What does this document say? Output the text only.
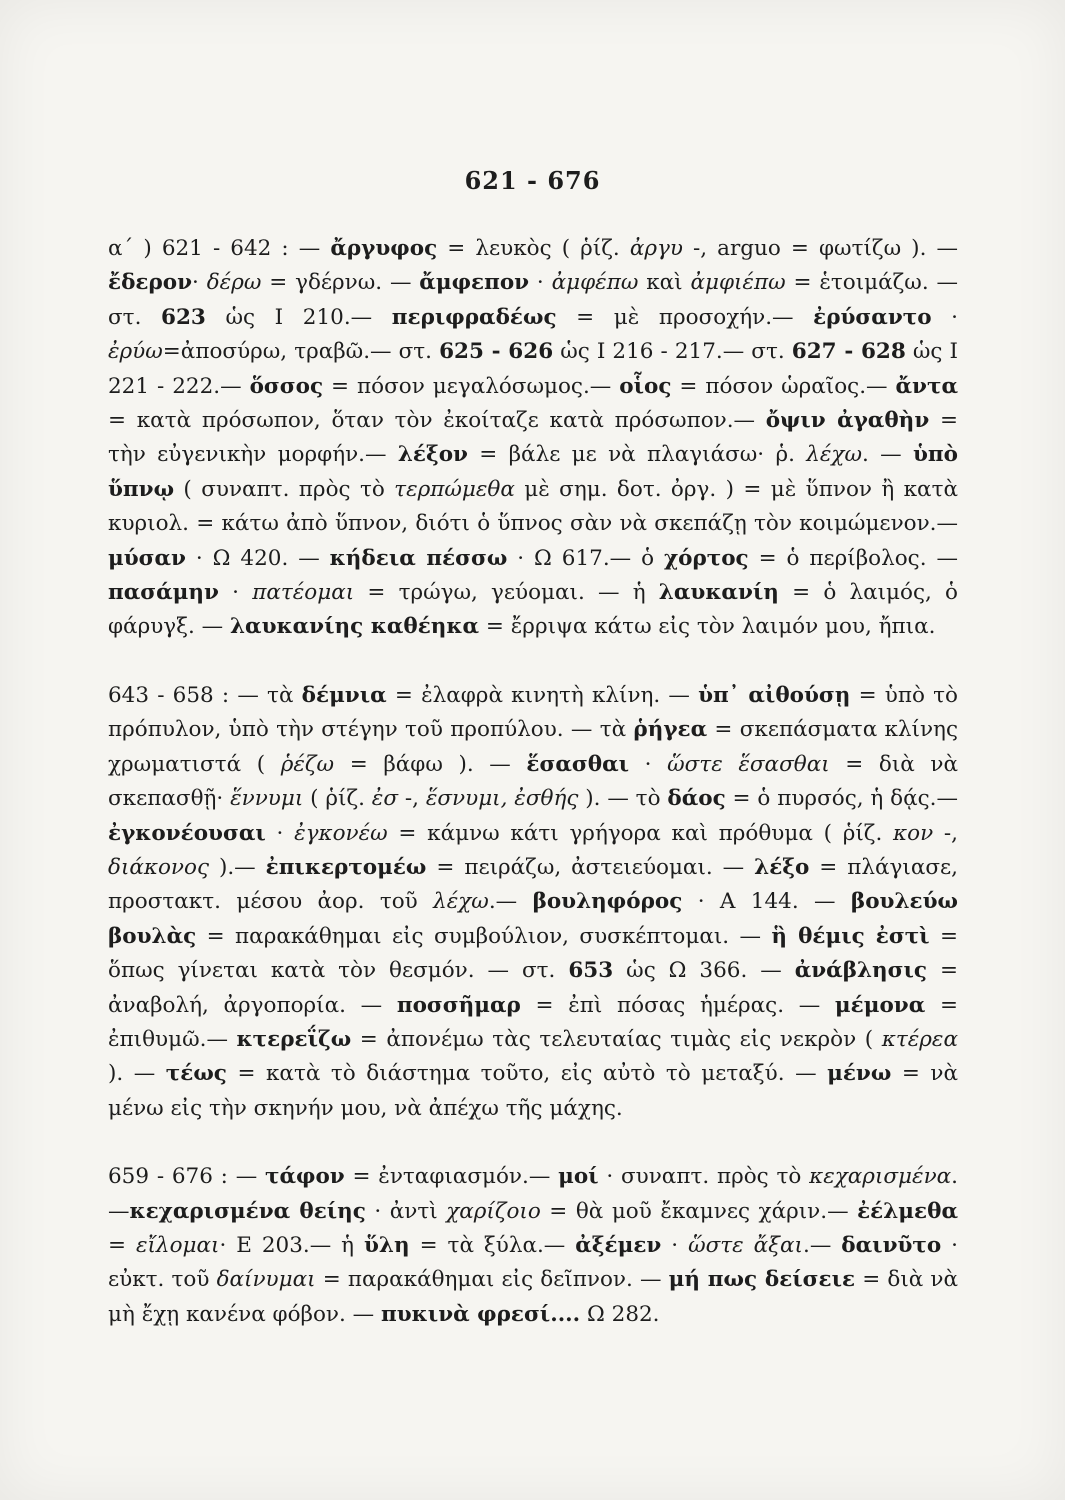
621 - 676

α΄ ) 621 - 642 : — ἄργυφος = λευκὸς ( ῥίζ. ἀργυ -, arguo = φωτίζω ). — ἔδερον· δέρω = γδέρνω. — ἄμφεπον · ἀμφέπω καὶ ἀμφιέπω = ἑτοιμάζω. — στ. 623 ὡς Ι 210.— περιφραδέως = μὲ προσοχήν.— ἐρύσαντο · ἐρύω=ἀποσύρω, τραβῶ.— στ. 625 - 626 ὡς Ι 216 - 217.— στ. 627 - 628 ὡς Ι 221 - 222.— ὅσσος = πόσον μεγαλόσωμος.— οἷος = πόσον ὡραῖος.— ἄντα = κατὰ πρόσωπον, ὅταν τὸν ἐκοίταζε κατὰ πρόσωπον.— ὄψιν ἀγαθὴν = τὴν εὐγενικὴν μορφήν.— λέξον = βάλε με νὰ πλαγιάσω· ῥ. λέχω. — ὑπὸ ὕπνῳ ( συναπτ. πρὸς τὸ τερπώμεθα μὲ σημ. δοτ. ὀργ. ) = μὲ ὕπνον ἢ κατὰ κυριολ. = κάτω ἀπὸ ὕπνον, διότι ὁ ὕπνος σὰν νὰ σκεπάζῃ τὸν κοιμώμενον.—μύσαν · Ω 420. — κήδεια πέσσω · Ω 617.— ὁ χόρτος = ὁ περίβολος. — πασάμην · πατέομαι = τρώγω, γεύομαι. — ἡ λαυκανίη = ὁ λαιμός, ὁ φάρυγξ. — λαυκανίης καθέηκα = ἔρριψα κάτω εἰς τὸν λαιμόν μου, ἤπια.

643 - 658 : — τὰ δέμνια = ἐλαφρὰ κινητὴ κλίνη. — ὑπ᾽ αἰθούσῃ = ὑπὸ τὸ πρόπυλον, ὑπὸ τὴν στέγην τοῦ προπύλου. — τὰ ῥήγεα = σκεπάσματα κλίνης χρωματιστά ( ῥέζω = βάφω ). — ἕσασθαι · ὥστε ἕσασθαι = διὰ νὰ σκεπασθῇ· ἕννυμι ( ῥίζ. ἐσ -, ἕσνυμι, ἐσθής ). — τὸ δάος = ὁ πυρσός, ἡ δᾴς.— ἐγκονέουσαι · ἐγκονέω = κάμνω κάτι γρήγορα καὶ πρόθυμα ( ῥίζ. κον -, διάκονος ).— ἐπικερτομέω = πειράζω, ἀστειεύομαι. — λέξο = πλάγιασε, προστακτ. μέσου ἀορ. τοῦ λέχω.— βουληφόρος · Α 144. — βουλεύω βουλὰς = παρακάθημαι εἰς συμβούλιον, συσκέπτομαι. — ἣ θέμις ἐστὶ = ὅπως γίνεται κατὰ τὸν θεσμόν. — στ. 653 ὡς Ω 366. — ἀνάβλησις = ἀναβολή, ἀργοπορία. — ποσσῆμαρ = ἐπὶ πόσας ἡμέρας. — μέμονα = ἐπιθυμῶ.— κτερεΐζω = ἀπονέμω τὰς τελευταίας τιμὰς εἰς νεκρὸν ( κτέρεα ). — τέως = κατὰ τὸ διάστημα τοῦτο, εἰς αὐτὸ τὸ μεταξύ. — μένω = νὰ μένω εἰς τὴν σκηνήν μου, νὰ ἀπέχω τῆς μάχης.

659 - 676 : — τάφον = ἐνταφιασμόν.— μοί · συναπτ. πρὸς τὸ κεχαρισμένα.—κεχαρισμένα θείης · ἀντὶ χαρίζοιο = θὰ μοῦ ἔκαμνες χάριν.— ἐέλμεθα = εἴλομαι· Ε 203.— ἡ ὕλη = τὰ ξύλα.— ἀξέμεν · ὥστε ἄξαι.— δαινῦτο · εὐκτ. τοῦ δαίνυμαι = παρακάθημαι εἰς δεῖπνον. — μή πως δείσειε = διὰ νὰ μὴ ἔχῃ κανένα φόβον. — πυκινὰ φρεσί.... Ω 282.
